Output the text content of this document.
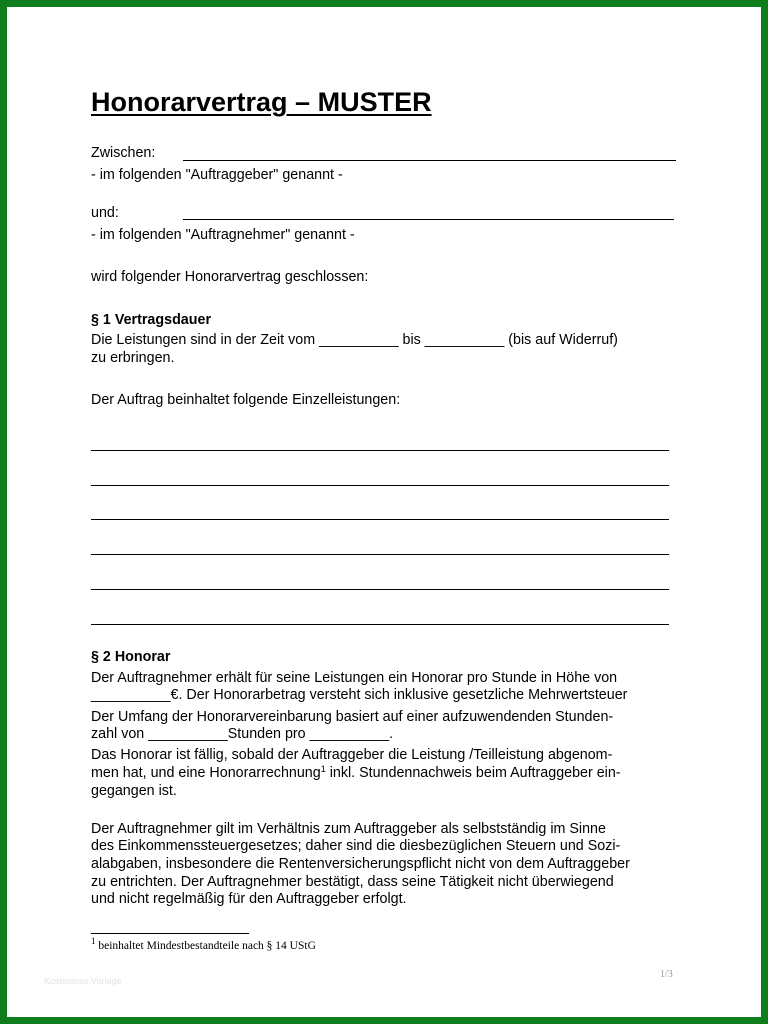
Honorarvertrag – MUSTER
Zwischen:
- im folgenden "Auftraggeber" genannt -
und:
- im folgenden "Auftragnehmer" genannt -
wird folgender Honorarvertrag geschlossen:
§ 1 Vertragsdauer
Die Leistungen sind in der Zeit vom __________ bis __________ (bis auf Widerruf)
zu erbringen.
Der Auftrag beinhaltet folgende Einzelleistungen:
§ 2 Honorar
Der Auftragnehmer erhält für seine Leistungen ein Honorar pro Stunde in Höhe von
__________€. Der Honorarbetrag versteht sich inklusive gesetzliche Mehrwertsteuer
Der Umfang der Honorarvereinbarung basiert auf einer aufzuwendenden Stunden-
zahl von __________Stunden pro __________.
Das Honorar ist fällig, sobald der Auftraggeber die Leistung /Teilleistung abgenom-
men hat, und eine Honorarrechnung$^1$ inkl. Stundennachweis beim Auftraggeber ein-
gegangen ist.
Der Auftragnehmer gilt im Verhältnis zum Auftraggeber als selbstständig im Sinne
des Einkommenssteuergesetzes; daher sind die diesbezüglichen Steuern und Sozi-
alabgaben, insbesondere die Rentenversicherungspflicht nicht von dem Auftraggeber
zu entrichten. Der Auftragnehmer bestätigt, dass seine Tätigkeit nicht überwiegend
und nicht regelmäßig für den Auftraggeber erfolgt.
$^1$ beinhaltet Mindestbestandteile nach § 14 UStG
1/3
Kostenlose Vorlage
